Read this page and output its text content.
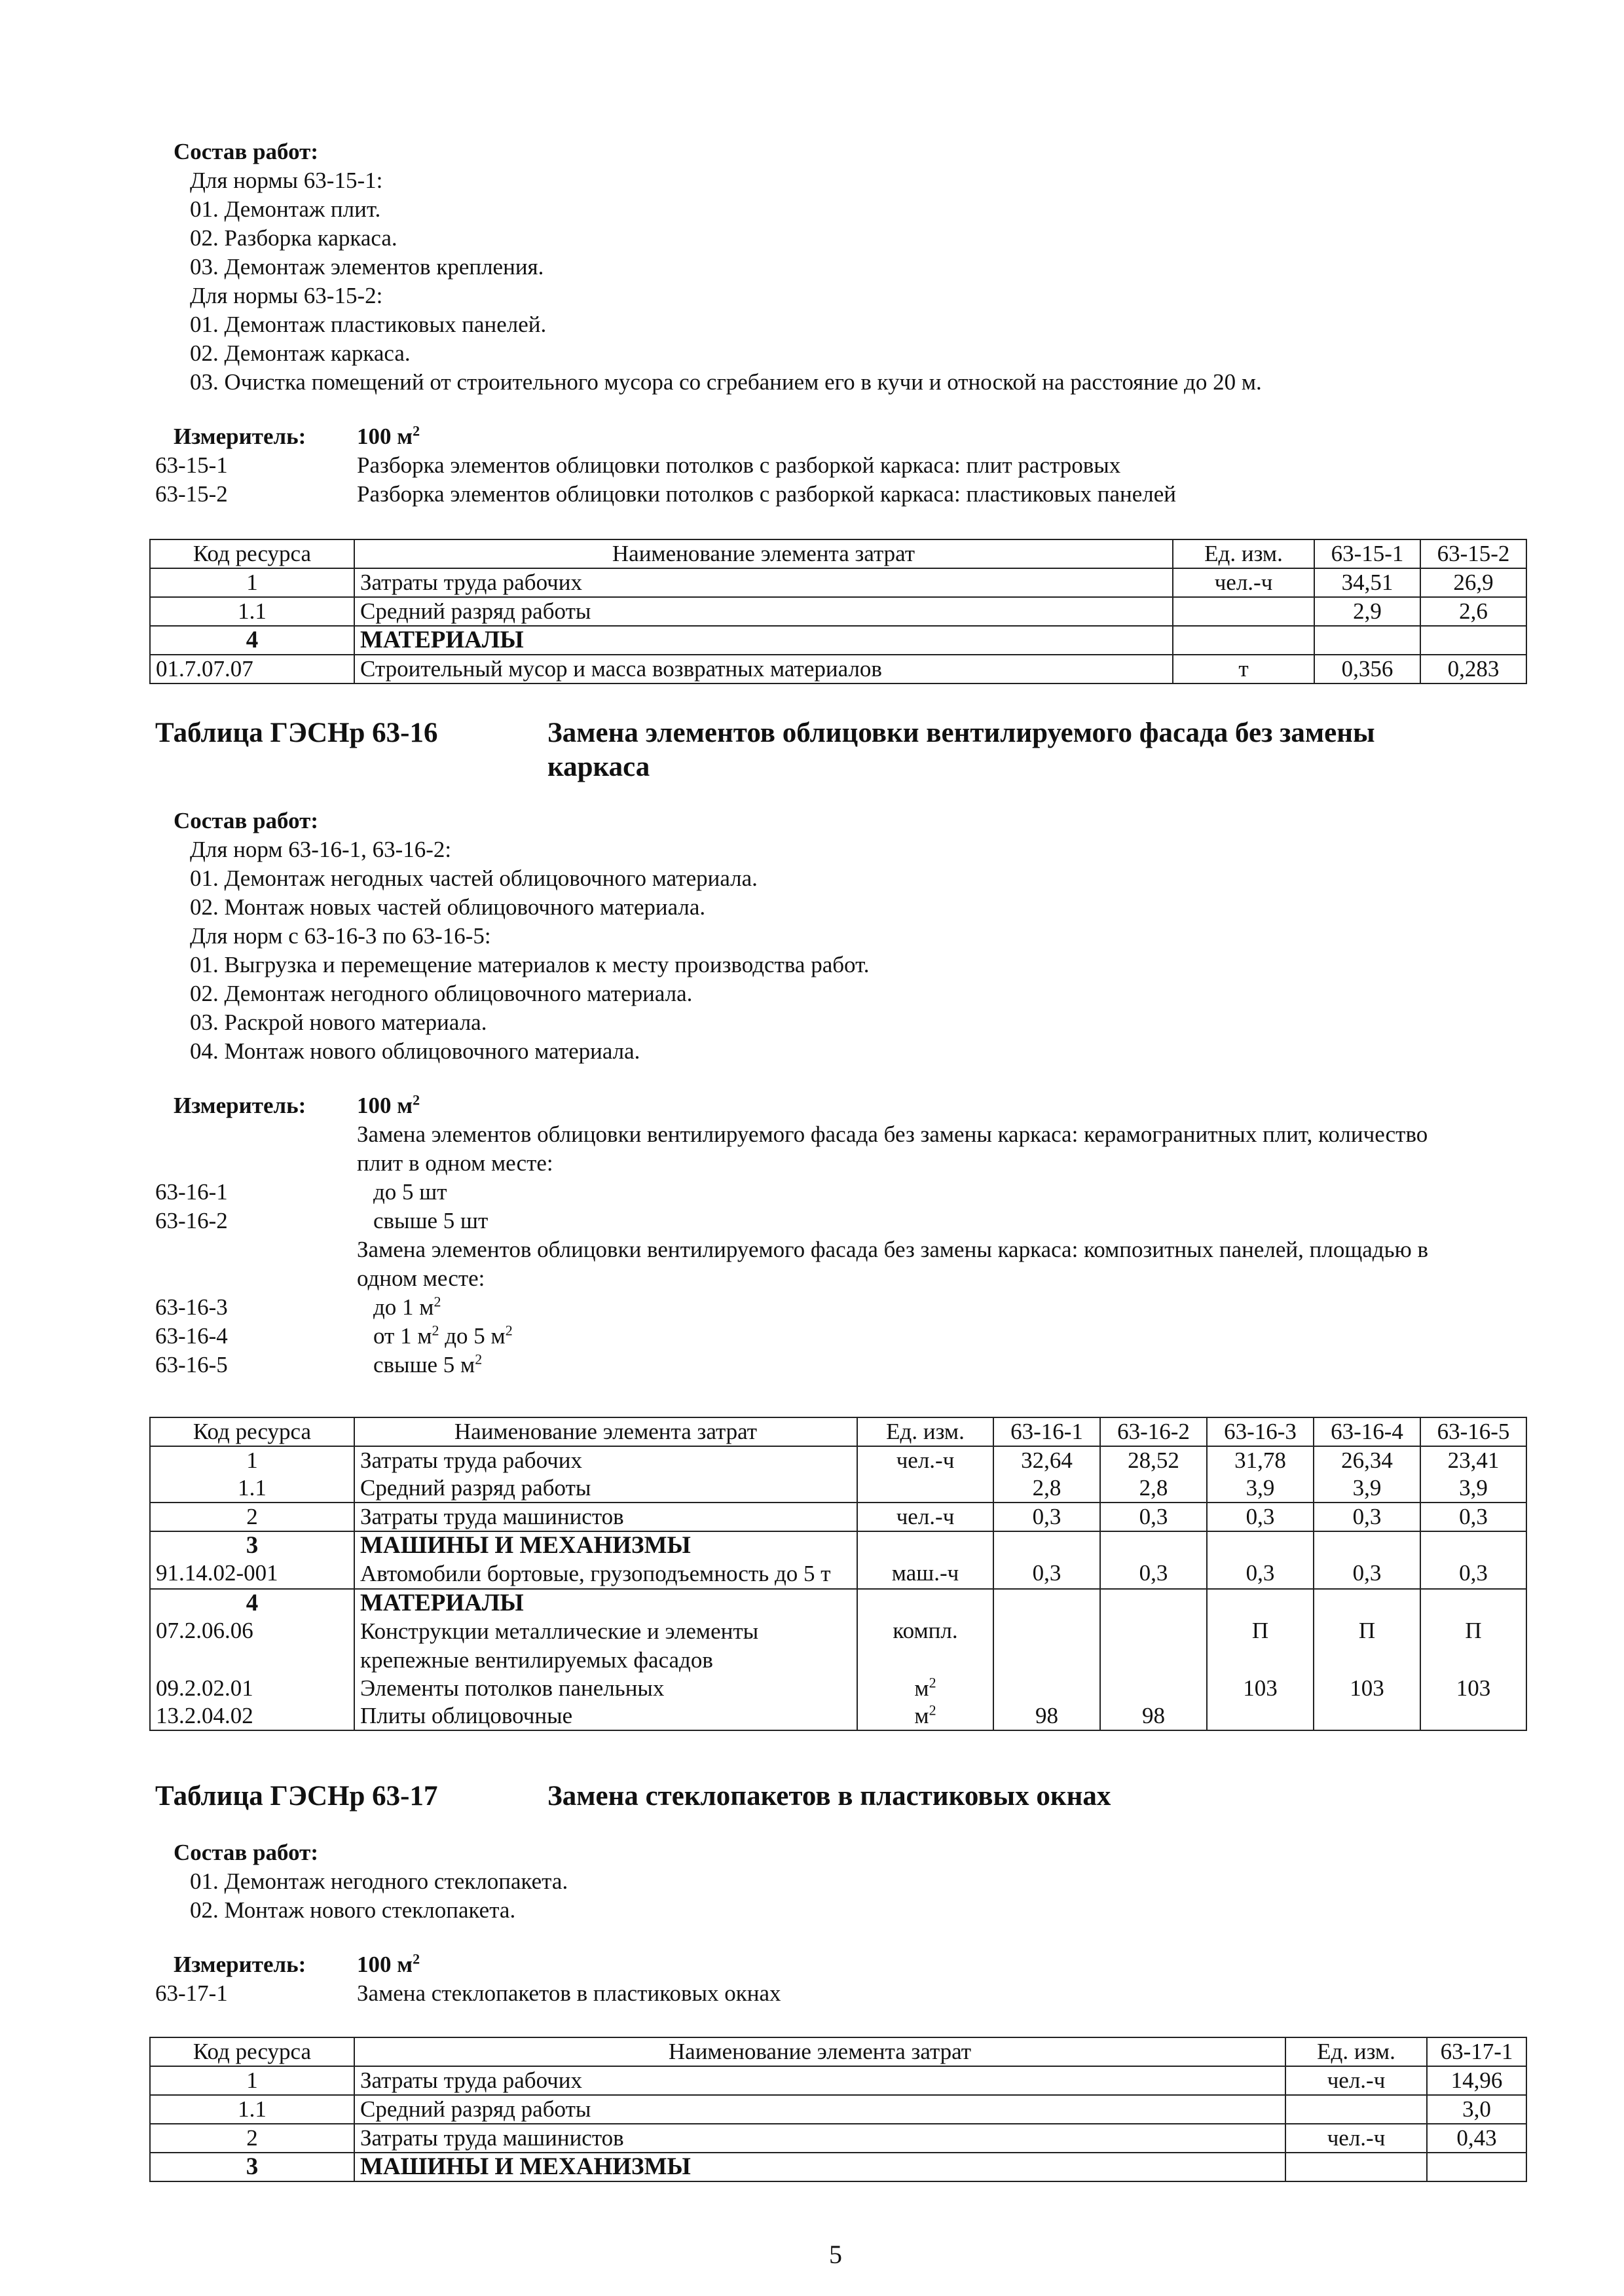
Состав работ:
Для нормы 63-15-1:
01. Демонтаж плит.
02. Разборка каркаса.
03. Демонтаж элементов крепления.
Для нормы 63-15-2:
01. Демонтаж пластиковых панелей.
02. Демонтаж каркаса.
03. Очистка помещений от строительного мусора со сгребанием его в кучи и отноской на расстояние до 20 м.
Измеритель: 100 $м^2$
63-15-1	Разборка элементов облицовки потолков с разборкой каркаса: плит растровых
63-15-2	Разборка элементов облицовки потолков с разборкой каркаса: пластиковых панелей
Код ресурса	Наименование элемента затрат	Ед. изм.	63-15-1	63-15-2
1	Затраты труда рабочих	чел.-ч	34,51	26,9
1.1	Средний разряд работы		2,9	2,6
4	МАТЕРИАЛЫ			
01.7.07.07	Строительный мусор и масса возвратных материалов	т	0,356	0,283
Таблица ГЭСНр 63-16	Замена элементов облицовки вентилируемого фасада без замены
каркаса
Состав работ:
Для норм 63-16-1, 63-16-2:
01. Демонтаж негодных частей облицовочного материала.
02. Монтаж новых частей облицовочного материала.
Для норм с 63-16-3 по 63-16-5:
01. Выгрузка и перемещение материалов к месту производства работ.
02. Демонтаж негодного облицовочного материала.
03. Раскрой нового материала.
04. Монтаж нового облицовочного материала.
Измеритель: 100 $м^2$
Замена элементов облицовки вентилируемого фасада без замены каркаса: керамогранитных плит, количество
плит в одном месте:
63-16-1	до 5 шт
63-16-2	свыше 5 шт
Замена элементов облицовки вентилируемого фасада без замены каркаса: композитных панелей, площадью в
одном месте:
63-16-3	до 1 $м^2$
63-16-4	от 1 $м^2$ до 5 $м^2$
63-16-5	свыше 5 $м^2$
Код ресурса	Наименование элемента затрат	Ед. изм.	63-16-1	63-16-2	63-16-3	63-16-4	63-16-5
1	Затраты труда рабочих	чел.-ч	32,64	28,52	31,78	26,34	23,41
1.1	Средний разряд работы		2,8	2,8	3,9	3,9	3,9
2	Затраты труда машинистов	чел.-ч	0,3	0,3	0,3	0,3	0,3
3	МАШИНЫ И МЕХАНИЗМЫ						
91.14.02-001	Автомобили бортовые, грузоподъемность до 5 т	маш.-ч	0,3	0,3	0,3	0,3	0,3
4	МАТЕРИАЛЫ						
07.2.06.06	Конструкции металлические и элементы крепежные вентилируемых фасадов	компл.			П	П	П
09.2.02.01	Элементы потолков панельных	$м^2$			103	103	103
13.2.04.02	Плиты облицовочные	$м^2$	98	98			
Таблица ГЭСНр 63-17	Замена стеклопакетов в пластиковых окнах
Состав работ:
01. Демонтаж негодного стеклопакета.
02. Монтаж нового стеклопакета.
Измеритель: 100 $м^2$
63-17-1	Замена стеклопакетов в пластиковых окнах
Код ресурса	Наименование элемента затрат	Ед. изм.	63-17-1
1	Затраты труда рабочих	чел.-ч	14,96
1.1	Средний разряд работы		3,0
2	Затраты труда машинистов	чел.-ч	0,43
3	МАШИНЫ И МЕХАНИЗМЫ		
5
